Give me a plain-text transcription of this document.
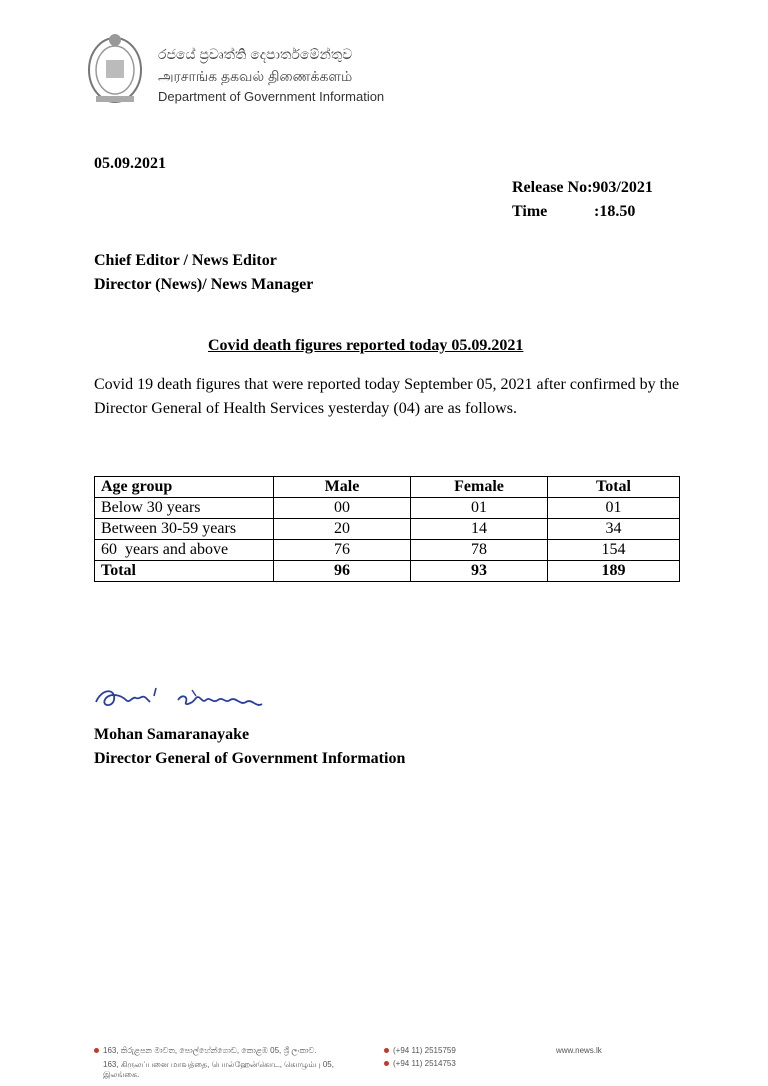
රජයේ ප්‍රවෘත්ති දෙපාර්තමේන්තුව
அரசாங்க தகவல் திணைக்களம்
Department of Government Information
05.09.2021
Release No:903/2021
Time	:18.50
Chief Editor / News Editor
Director (News)/ News Manager
Covid death figures reported today 05.09.2021
Covid 19 death figures that were reported today September 05, 2021 after confirmed by the Director General of Health Services yesterday (04) are as follows.
Age group	Male	Female	Total
Below 30 years	00	01	01
Between 30-59 years	20	14	34
60  years and above	76	78	154
Total	96	93	189
Mohan Samaranayake
Director General of Government Information
163, කිරුළපන මාවත, පොල්හේන්ගොඩ, කොළඹ 05, ශ්‍රී ලංකාව.
163, கிருலப்பனை மாவத்தை, பொல்ஹேன்கொட, கொழும்பு 05, இலங்கை.
(+94 11) 2515759
(+94 11) 2514753
www.news.lk
